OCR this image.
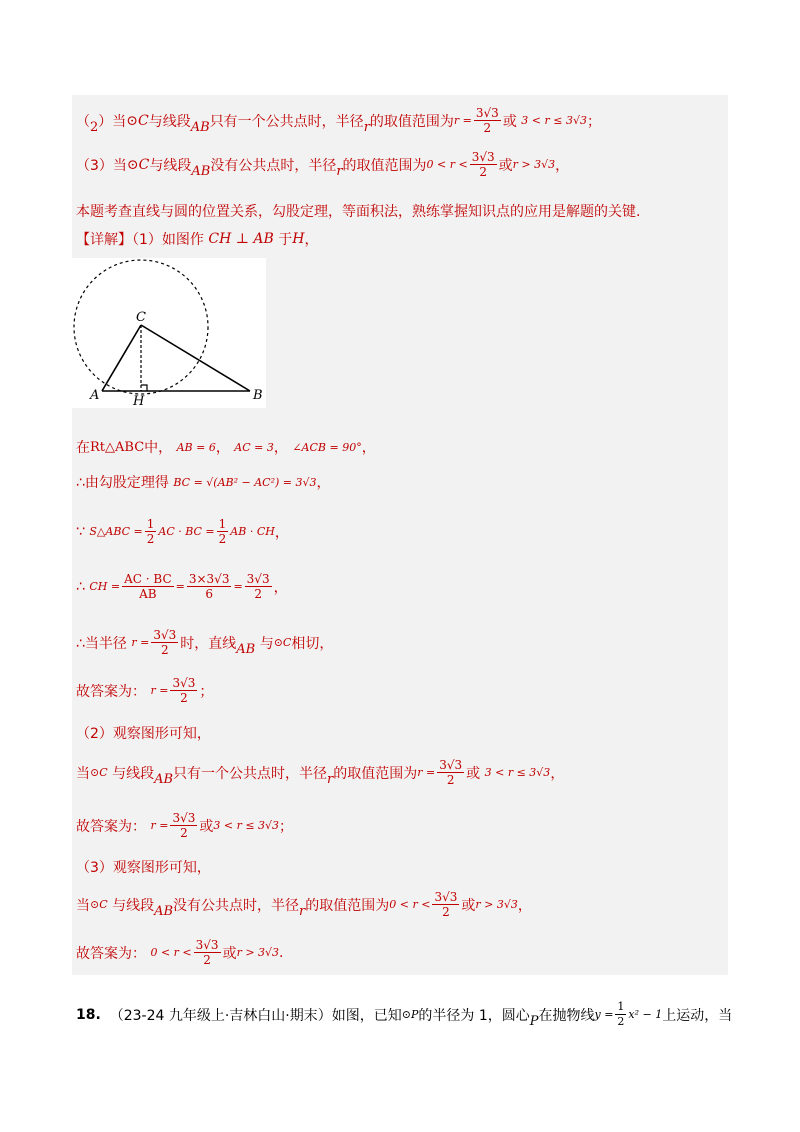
（ 2 ）当 ⊙ C 与线段 AB 只有一个公共点时，半径 r 的取值范围为 $r = \frac{3√3}{2}$ 或
3 < r ≤ 3√3 ；
（3）当 ⊙ C 与线段 AB 没有公共点时，半径 r 的取值范围为 $0 < r < \frac{3√3}{2}$ 或 r > 3√3 ，
本题考查直线与圆的位置关系，勾股定理，等面积法，熟练掌握知识点的应用是解题的关键.
【详解】（1）如图作
CH ⊥ AB
于 H ，
C
A	H	B
在 Rt△ABC 中，
AB = 6 ，
AC = 3 ，
∠ACB = 90° ，
∴由勾股定理得
BC = √(AB² − AC²) = 3√3 ，
∵
S△ABC = $\frac{1}{2}$ AC · BC = $\frac{1}{2}$ AB · CH ，
∴
CH = $\frac{AC \cdot BC}{AB} = \frac{3\times 3√3}{6} = \frac{3√3}{2}$ ，
∴当半径
$r = \frac{3√3}{2}$ 时，直线 AB
与 ⊙C 相切，
故答案为：
$r = \frac{3√3}{2}$ ；
（2）观察图形可知，
当 ⊙C
与线段 AB 只有一个公共点时，半径 r 的取值范围为 $r = \frac{3√3}{2}$ 或
3 < r ≤ 3√3 ，
故答案为：
$r = \frac{3√3}{2}$ 或 3 < r ≤ 3√3 ；
（3）观察图形可知，
当 ⊙C
与线段 AB 没有公共点时，半径 r 的取值范围为 $0 < r < \frac{3√3}{2}$ 或 r > 3√3 ，
故答案为：
$0 < r < \frac{3√3}{2}$ 或 r > 3√3 .
18.
（23-24 九年级上·吉林白山·期末）如图，已知 ⊙P 的半径为 1，圆心 P 在抛物线 $y = \frac{1}{2} x^2 - 1$ 上运动，当
